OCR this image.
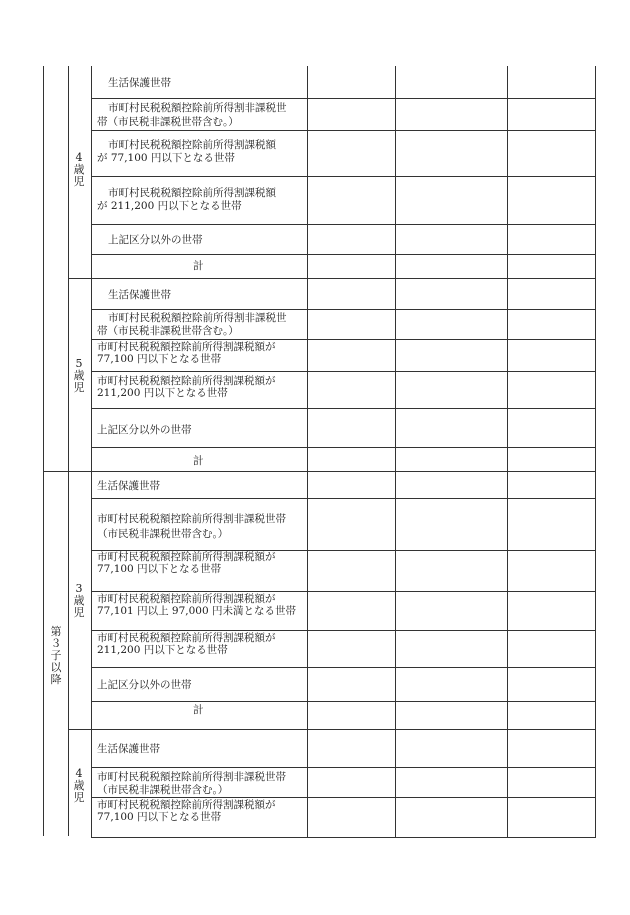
第３子以降
4歳児
5歳児
3歳児
4歳児
生活保護世帯
市町村民税税額控除前所得割非課税世
帯（市民税非課税世帯含む。）
市町村民税税額控除前所得割課税額
が 77,100 円以下となる世帯
市町村民税税額控除前所得割課税額
が 211,200 円以下となる世帯
上記区分以外の世帯
計
生活保護世帯
市町村民税税額控除前所得割非課税世
帯（市民税非課税世帯含む。）
市町村民税税額控除前所得割課税額が
77,100 円以下となる世帯
市町村民税税額控除前所得割課税額が
211,200 円以下となる世帯
上記区分以外の世帯
計
生活保護世帯
市町村民税税額控除前所得割非課税世帯
（市民税非課税世帯含む。）
市町村民税税額控除前所得割課税額が
77,100 円以下となる世帯
市町村民税税額控除前所得割課税額が
77,101 円以上 97,000 円未満となる世帯
市町村民税税額控除前所得割課税額が
211,200 円以下となる世帯
上記区分以外の世帯
計
生活保護世帯
市町村民税税額控除前所得割非課税世帯
（市民税非課税世帯含む。）
市町村民税税額控除前所得割課税額が
77,100 円以下となる世帯
